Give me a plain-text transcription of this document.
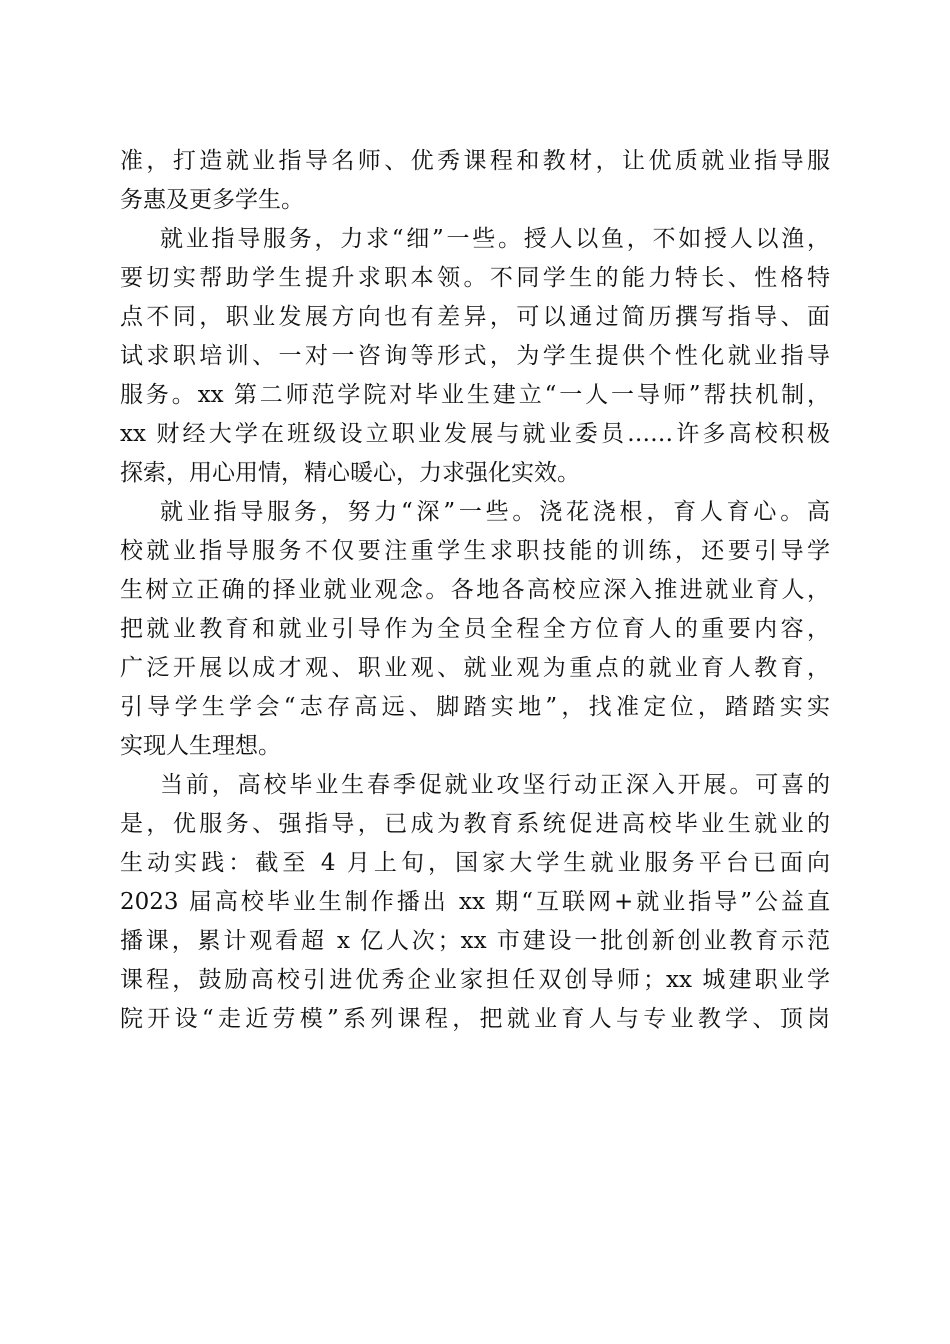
准，打造就业指导名师、优秀课程和教材，让优质就业指导服
务惠及更多学生。
就业指导服务，力求“细”一些。授人以鱼，不如授人以渔，
要切实帮助学生提升求职本领。不同学生的能力特长、性格特
点不同，职业发展方向也有差异，可以通过简历撰写指导、面
试求职培训、一对一咨询等形式，为学生提供个性化就业指导
服务。xx 第二师范学院对毕业生建立“一人一导师”帮扶机制，
xx 财经大学在班级设立职业发展与就业委员……许多高校积极
探索，用心用情，精心暖心，力求强化实效。
就业指导服务，努力“深”一些。浇花浇根，育人育心。高
校就业指导服务不仅要注重学生求职技能的训练，还要引导学
生树立正确的择业就业观念。各地各高校应深入推进就业育人，
把就业教育和就业引导作为全员全程全方位育人的重要内容，
广泛开展以成才观、职业观、就业观为重点的就业育人教育，
引导学生学会“志存高远、脚踏实地”，找准定位，踏踏实实
实现人生理想。
当前，高校毕业生春季促就业攻坚行动正深入开展。可喜的
是，优服务、强指导，已成为教育系统促进高校毕业生就业的
生动实践：截至 4 月上旬，国家大学生就业服务平台已面向
2023 届高校毕业生制作播出 xx 期“互联网+就业指导”公益直
播课，累计观看超 x 亿人次；xx 市建设一批创新创业教育示范
课程，鼓励高校引进优秀企业家担任双创导师；xx 城建职业学
院开设“走近劳模”系列课程，把就业育人与专业教学、顶岗
